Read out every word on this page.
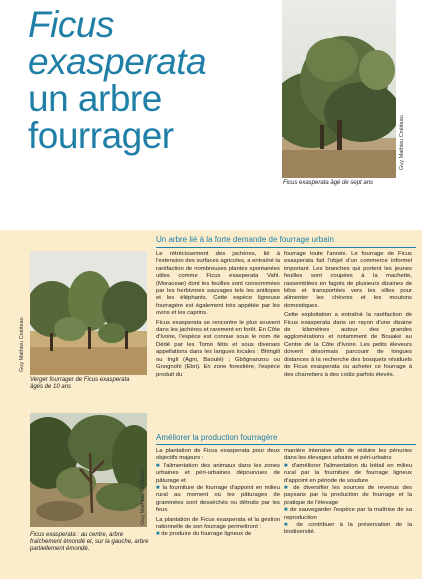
Ficus exasperata
un arbre
fourrager	Guy Mathieu Cnéiteau
Ficus exasperata âgé de sept ans
Un arbre lié à la forte demande de fourrage urbain

Le rétrécissement des jachères, lié à l'extension des surfaces agricoles, a entraîné la raréfaction de nombreuses plantes spontanées utiles comme Ficus exasperata Vahl. (Moraceae) dont les feuilles sont consommées par les herbivores sauvages tels les antilopes et les éléphants. Cette espèce ligneuse fourragère est également très appétée par les ovins et les caprins.

Ficus exasperata se rencontre le plus souvent dans les jachères et rarement en forêt. En Côte d'Ivoire, l'espèce est connue sous le nom de Dédé par les Tomo fétis et sous diverses appellations dans les langues locales : Bhingili ou Ingli (Agni, Baoulé) ; Gbôgnanzou ou Gnognohi (Ebri). En zone forestière, l'espèce produit du

fourrage toute l'année. Le fourrage de Ficus exasperata fait l'objet d'un commerce informel important. Les branches qui portent les jeunes feuilles sont coupées à la machette, rassemblées en fagots de plusieurs dizaines de kilos et transportées vers les villes pour alimenter les chèvres et les moutons domestiques.

Cette exploitation a entraîné la raréfaction de Ficus exasperata dans un rayon d'une dizaine de kilomètres autour des grandes agglomérations et notamment de Bouaké au Centre de la Côte d'Ivoire. Les petits éleveurs doivent désormais parcourir de longues distances à la recherche des bosquets résiduels de Ficus exasperata ou acheter ce fourrage à des charretiers à des coûts parfois élevés.

Guy Mathieu Cnéiteau
Verger fourrager de Ficus exasperata
âgés de 10 ans
Améliorer la production fourragère

La plantation de Ficus exasperata pour deux objectifs majeurs :

■ l'alimentation des animaux dans les zones urbaines et péri-urbaines dépourvues de pâturage et

■ la fourniture de fourrage d'appoint en milieu rural au moment où les pâturages de graminées sont desséchés ou détruits par les feux.

La plantation de Ficus exasperata et la gestion rationnelle de son fourrage permettront :

■ de produire du fourrage ligneux de

manière intensive afin de réduire les pénuries dans les élevages urbains et péri-urbains

■ d'améliorer l'alimentation du bétail en milieu rural par la fourniture de fourrage ligneux d'appoint en période de soudure

■ de diversifier les sources de revenus des paysans par la production de fourrage et la pratique de l'élevage

■ de sauvegarder l'espèce par la maîtrise de sa reproduction

■ de contribuer à la préservation de la biodiversité.

Guy Mathieu Cnéiteau
Ficus exasperata : au centre, arbre fraîchement émondé et, sur la gauche, arbre partiellement émondé.
